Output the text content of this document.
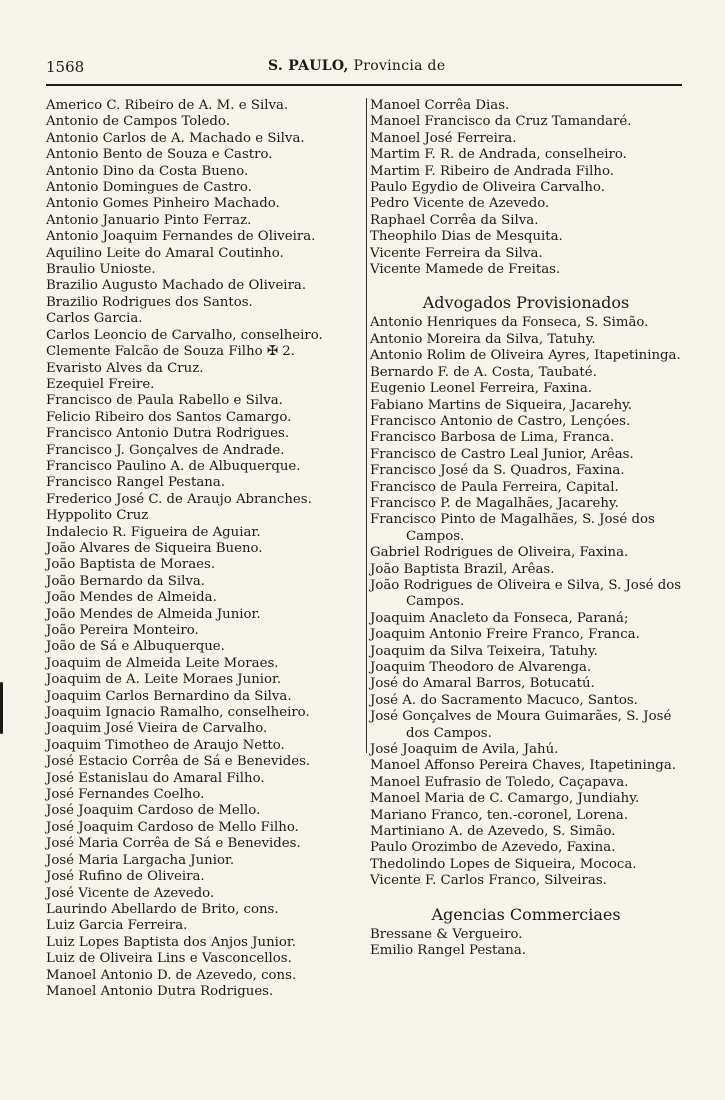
1568	S. PAULO, Provincia de
Americo C. Ribeiro de A. M. e Silva.
Antonio de Campos Toledo.
Antonio Carlos de A. Machado e Silva.
Antonio Bento de Souza e Castro.
Antonio Dino da Costa Bueno.
Antonio Domingues de Castro.
Antonio Gomes Pinheiro Machado.
Antonio Januario Pinto Ferraz.
Antonio Joaquim Fernandes de Oliveira.
Aquilino Leite do Amaral Coutinho.
Braulio Unioste.
Brazilio Augusto Machado de Oliveira.
Brazilio Rodrigues dos Santos.
Carlos Garcia.
Carlos Leoncio de Carvalho, conselheiro.
Clemente Falcão de Souza Filho ✠ 2.
Evaristo Alves da Cruz.
Ezequiel Freire.
Francisco de Paula Rabello e Silva.
Felicio Ribeiro dos Santos Camargo.
Francisco Antonio Dutra Rodrigues.
Francisco J. Gonçalves de Andrade.
Francisco Paulino A. de Albuquerque.
Francisco Rangel Pestana.
Frederico José C. de Araujo Abranches.
Hyppolito Cruz
Indalecio R. Figueira de Aguiar.
João Alvares de Siqueira Bueno.
João Baptista de Moraes.
João Bernardo da Silva.
João Mendes de Almeida.
João Mendes de Almeida Junior.
João Pereira Monteiro.
João de Sá e Albuquerque.
Joaquim de Almeida Leite Moraes.
Joaquim de A. Leite Moraes Junior.
Joaquim Carlos Bernardino da Silva.
Joaquim Ignacio Ramalho, conselheiro.
Joaquim José Vieira de Carvalho.
Joaquim Timotheo de Araujo Netto.
José Estacio Corrêa de Sá e Benevides.
José Estanislau do Amaral Filho.
José Fernandes Coelho.
José Joaquim Cardoso de Mello.
José Joaquim Cardoso de Mello Filho.
José Maria Corrêa de Sá e Benevides.
José Maria Largacha Junior.
José Rufino de Oliveira.
José Vicente de Azevedo.
Laurindo Abellardo de Brito, cons.
Luiz Garcia Ferreira.
Luiz Lopes Baptista dos Anjos Junior.
Luiz de Oliveira Lins e Vasconcellos.
Manoel Antonio D. de Azevedo, cons.
Manoel Antonio Dutra Rodrigues.
Manoel Corrêa Dias.
Manoel Francisco da Cruz Tamandaré.
Manoel José Ferreira.
Martim F. R. de Andrada, conselheiro.
Martim F. Ribeiro de Andrada Filho.
Paulo Egydio de Oliveira Carvalho.
Pedro Vicente de Azevedo.
Raphael Corrêa da Silva.
Theophilo Dias de Mesquita.
Vicente Ferreira da Silva.
Vicente Mamede de Freitas.
Advogados Provisionados
Antonio Henriques da Fonseca, S. Simão.
Antonio Moreira da Silva, Tatuhy.
Antonio Rolim de Oliveira Ayres, Itapetininga.
Bernardo F. de A. Costa, Taubaté.
Eugenio Leonel Ferreira, Faxina.
Fabiano Martins de Siqueira, Jacarehy.
Francisco Antonio de Castro, Lençóes.
Francisco Barbosa de Lima, Franca.
Francisco de Castro Leal Junior, Arêas.
Francisco José da S. Quadros, Faxina.
Francisco de Paula Ferreira, Capital.
Francisco P. de Magalhães, Jacarehy.
Francisco Pinto de Magalhães, S. José dos Campos.
Gabriel Rodrigues de Oliveira, Faxina.
João Baptista Brazil, Arêas.
João Rodrigues de Oliveira e Silva, S. José dos Campos.
Joaquim Anacleto da Fonseca, Paraná;
Joaquim Antonio Freire Franco, Franca.
Joaquim da Silva Teixeira, Tatuhy.
Joaquim Theodoro de Alvarenga.
José do Amaral Barros, Botucatú.
José A. do Sacramento Macuco, Santos.
José Gonçalves de Moura Guimarães, S. José dos Campos.
José Joaquim de Avila, Jahú.
Manoel Affonso Pereira Chaves, Itapetininga.
Manoel Eufrasio de Toledo, Caçapava.
Manoel Maria de C. Camargo, Jundiahy.
Mariano Franco, ten.-coronel, Lorena.
Martiniano A. de Azevedo, S. Simão.
Paulo Orozimbo de Azevedo, Faxina.
Thedolindo Lopes de Siqueira, Mococa.
Vicente F. Carlos Franco, Silveiras.
Agencias Commerciaes
Bressane & Vergueiro.
Emilio Rangel Pestana.
